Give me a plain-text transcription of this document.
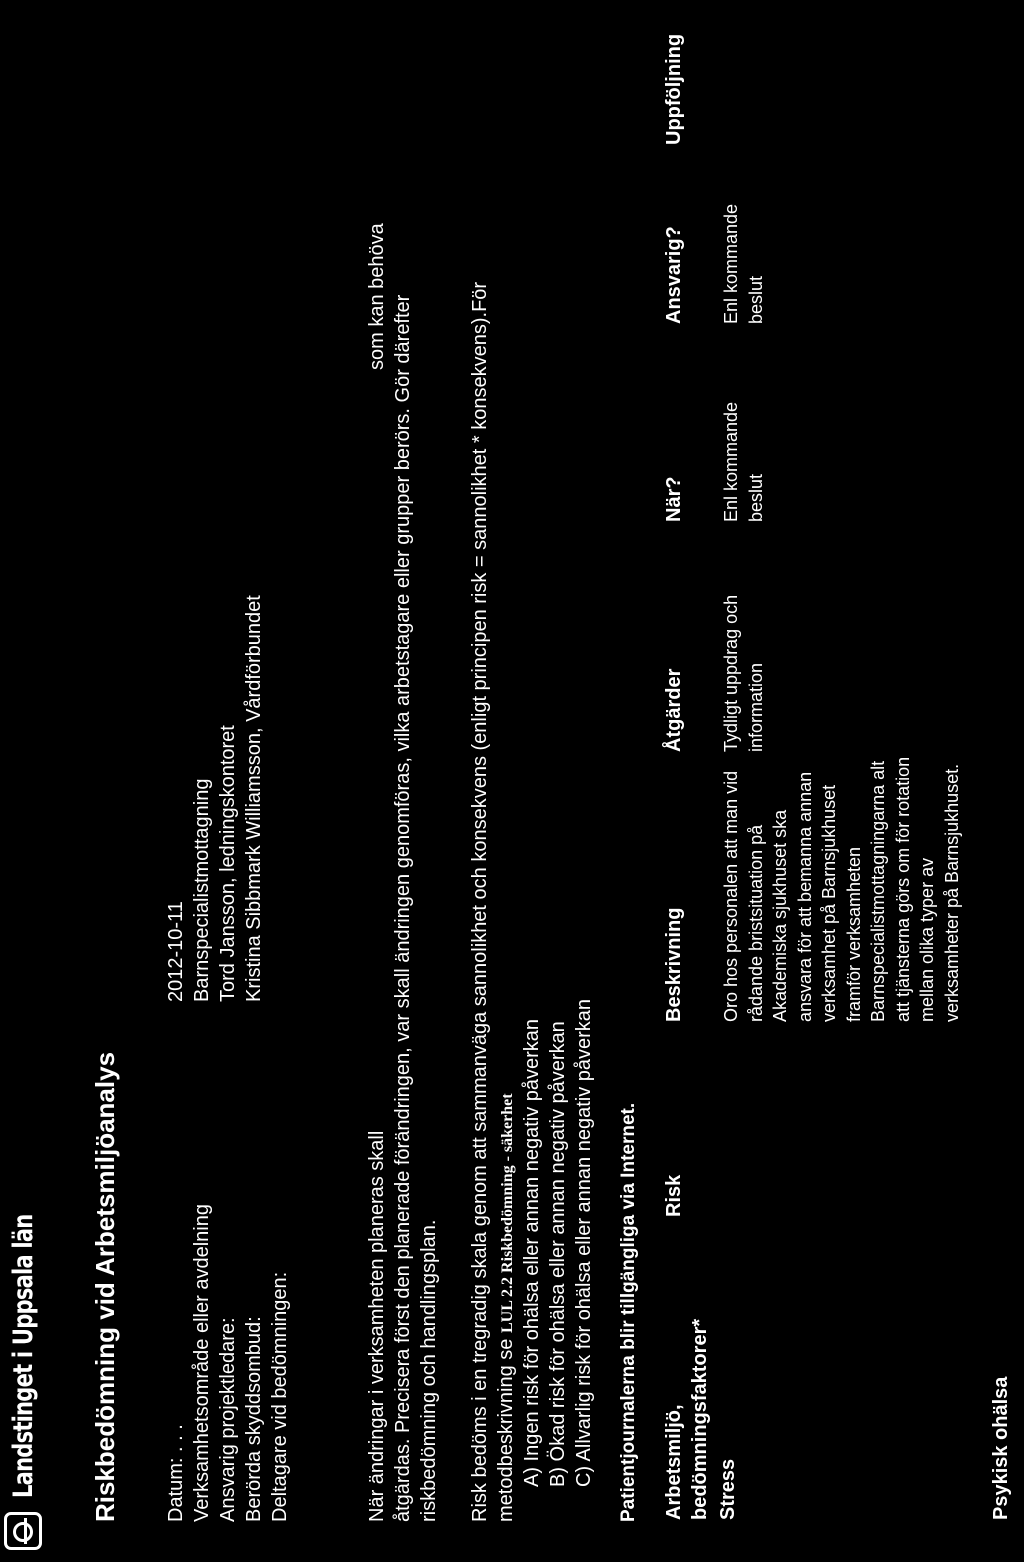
Landstinget i Uppsala län Riskbedömning vid Arbetsmiljöanalys Datum: . . .
2012-10-11
Verksamhetsområde eller avdelning
Barnspecialistmottagning
Ansvarig projektledare:
Tord Jansson, ledningskontoret
Berörda skyddsombud:
Kristina Sibbmark Williamsson, Vårdförbundet
Deltagare vid bedömningen:	När ändringar i verksamheten planeras skall
som kan behöva åtgärdas. Precisera först den planerade förändringen, var skall ändringen genomföras, vilka arbetstagare eller grupper berörs. Gör därefter riskbedömning och handlingsplan. Risk bedöms i en tregradig skala genom att sammanväga sannolikhet och konsekvens (enligt principen risk = sannolikhet * konsekvens).För metodbeskrivning se LUL 2.2 Riskbedömning - säkerhet A) Ingen risk för ohälsa eller annan negativ påverkan B) Ökad risk för ohälsa eller annan negativ påverkan C) Allvarlig risk för ohälsa eller annan negativ påverkan Patientjournalerna blir tillgängliga via Internet. Arbetsmiljö, bedömningsfaktorer*
Risk
Beskrivning
Åtgärder
När?
Ansvarig?
Uppföljning
Stress
Oro hos personalen att man vid rådande bristsituation på Akademiska sjukhuset ska ansvara för att bemanna annan verksamhet på Barnsjukhuset framför verksamheten Barnspecialistmottagningarna alt att tjänsterna görs om för rotation mellan olika typer av verksamheter på Barnsjukhuset.
Tydligt uppdrag och information
Enl kommande beslut
Enl kommande beslut
Psykisk ohälsa
